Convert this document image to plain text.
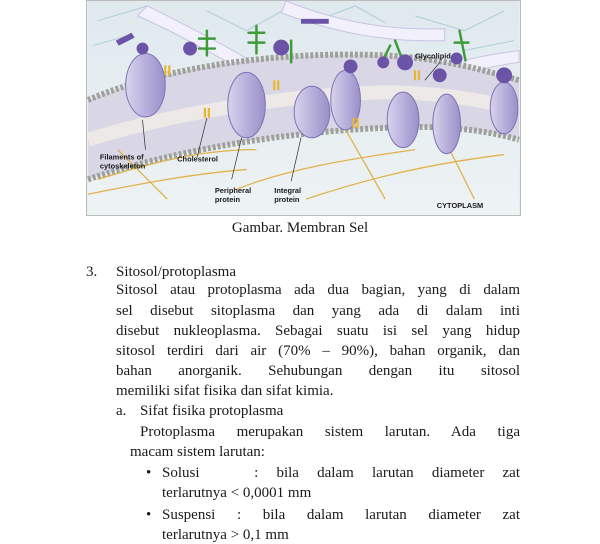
Glycolipid
Filaments of
cytoskeleton
Cholesterol
Peripheral
protein
Integral
protein
CYTOPLASM
Gambar. Membran Sel
3. Sitosol/protoplasma
Sitosol atau protoplasma ada dua bagian, yang di dalam
sel disebut sitoplasma dan yang ada di dalam inti
disebut nukleoplasma. Sebagai suatu isi sel yang hidup
sitosol terdiri dari air (70% – 90%), bahan organik, dan
bahan anorganik. Sehubungan dengan itu sitosol
memiliki sifat fisika dan sifat kimia.
a. Sifat fisika protoplasma
Protoplasma merupakan sistem larutan. Ada tiga
macam sistem larutan:
• Solusi   : bila dalam larutan diameter zat
terlarutnya < 0,0001 mm
• Suspensi : bila dalam larutan diameter zat
terlarutnya > 0,1 mm
